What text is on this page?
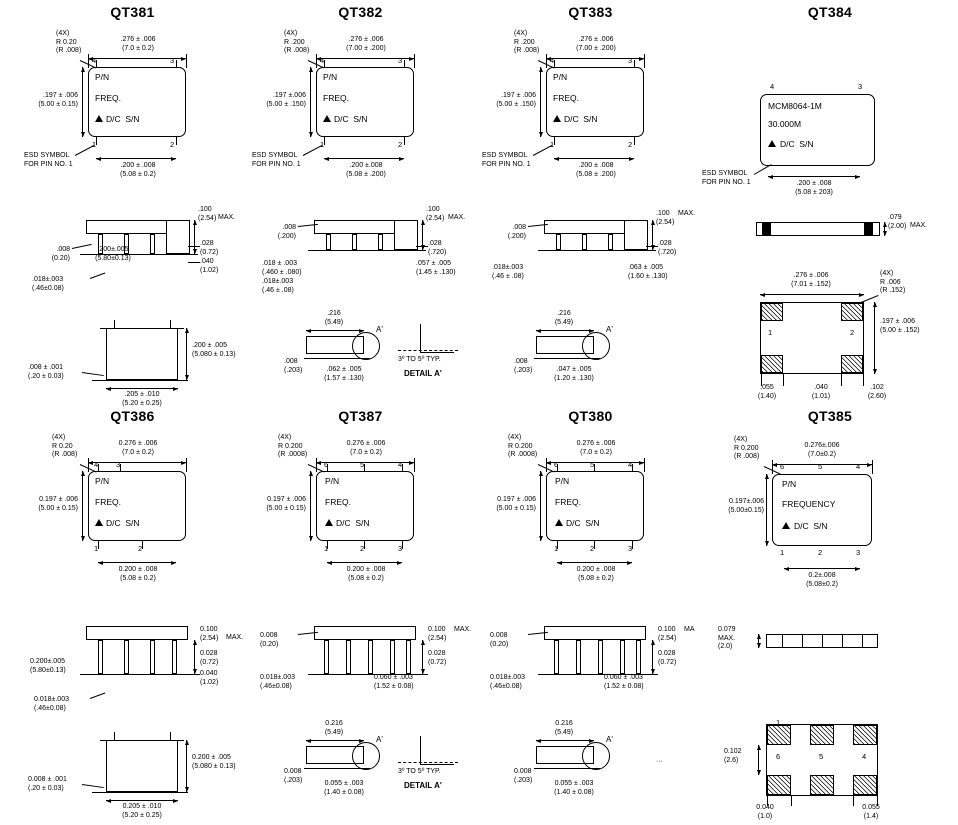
QT381
P/N
FREQ.
D/C  S/N
4	3
1	2
.276 ± .006
(7.0 ± 0.2)
(4X)
R 0.20
(R .008)
.197 ± .006
(5.00 ± 0.15)
ESD SYMBOL
FOR PIN NO. 1	.200 ± .008
(5.08 ± 0.2)
.100
(2.54) MAX.
.008
(0.20)
.200±.005
(5.80±0.13)
.028
(0.72)
.040
(1.02)
.018±.003
(.46±0.08)
.200 ± .005
(5.080 ± 0.13)
.008 ± .001
(.20 ± 0.03)
.205 ± .010
(5.20 ± 0.25)
QT382
P/N
FREQ.
D/C  S/N
4	3
1	2
.276 ± .006
(7.00 ± .200)
(4X)
R .200
(R .008)
.197 ±.006
(5.00 ± .150)
ESD SYMBOL
FOR PIN NO. 1	.200 ±.008
(5.08 ± .200)
.100
(2.54) MAX.
.008
(.200)
.028
(.720)
.057 ± .005
(1.45 ± .130)
.018 ± .003
(.460 ± .080)
.018±.003
(.46 ± .08)
.216
(5.49)
A'
.008
(.203)	.062 ± .005
(1.57 ± .130)
3º TO 5º TYP.
DETAIL A'
QT383
P/N
FREQ.
D/C  S/N
4	3
1	2
.276 ± .006
(7.00 ± .200)
(4X)
R .200
(R .008)
.197 ± .006
(5.00 ± .150)
ESD SYMBOL
FOR PIN NO. 1	.200 ± .008
(5.08 ± .200)
.100
(2.54)
MAX.
.008
(.200)
.028
(.720)
.063 ± .005
(1.60 ± .130)
.018±.003
(.46 ± .08)
.216
(5.49)
A'
.008
(.203)	.047 ± .005
(1.20 ± .130)
QT384
MCM8064-1M
30.000M
D/C  S/N
4	3
ESD SYMBOL
FOR PIN NO. 1	.200 ± .008
(5.08 ± 203)
.079
(2.00) MAX.
.276 ± .006
(7.01 ± .152)
(4X)
R .006
(R .152)
1	2
.197 ± .006
(5.00 ± .152)
.055
(1.40)
.040
(1.01)
.102
(2.60)
QT386
P/N
FREQ.
D/C  S/N
4 3
1	2
0.276 ± .006
(7.0 ± 0.2)
(4X)
R 0.20
(R .008)
0.197 ± .006
(5.00 ± 0.15)
0.200 ± .008
(5.08 ± 0.2)
0.100
(2.54) MAX.
0.200±.005
(5.80±0.13)
0.028
(0.72)
0.040
(1.02)
0.018±.003
(.46±0.08)
0.200 ± .005
(5.080 ± 0.13)
0.008 ± .001
(.20 ± 0.03)
0.205 ± .010
(5.20 ± 0.25)
QT387
P/N
FREQ.
D/C  S/N
6	5	4
1	2	3
0.276 ± .006
(7.0 ± 0.2)
(4X)
R 0.200
(R .0008)
0.197 ± .006
(5.00 ± 0.15)
0.200 ± .008
(5.08 ± 0.2)
0.100
(2.54)
MAX.
0.008
(0.20)
0.028
(0.72)
0.060 ± .003
(1.52 ± 0.08)
0.018±.003
(.46±0.08)
0.216
(5.49)
A'
0.008
(.203)	0.055 ± .003
(1.40 ± 0.08)
3º TO 5º TYP.
DETAIL A'
QT380
P/N
FREQ.
D/C  S/N
6	5	4
1	2	3
0.276 ± .006
(7.0 ± 0.2)
(4X)
R 0.200
(R .0008)
0.197 ± .006
(5.00 ± 0.15)
0.200 ± .008
(5.08 ± 0.2)
0.100
(2.54)
MA
0.008
(0.20)
0.028
(0.72)
0.060 ± .003
(1.52 ± 0.08)
0.018±.003
(.46±0.08)
0.216
(5.49)
A'
···
0.008
(.203)	0.055 ± .003
(1.40 ± 0.08)
QT385
P/N
FREQUENCY
D/C  S/N
6	5	4
1	2	3
0.276±.006
(7.0±0.2)
(4X)
R 0.200
(R .008)
0.197±.006
(5.00±0.15)
0.2±.008
(5.08±0.2)
0.079
MAX.
(2.0)
1
6	5	4
0.102
(2.6)
0.040
(1.0)
0.055
(1.4)
